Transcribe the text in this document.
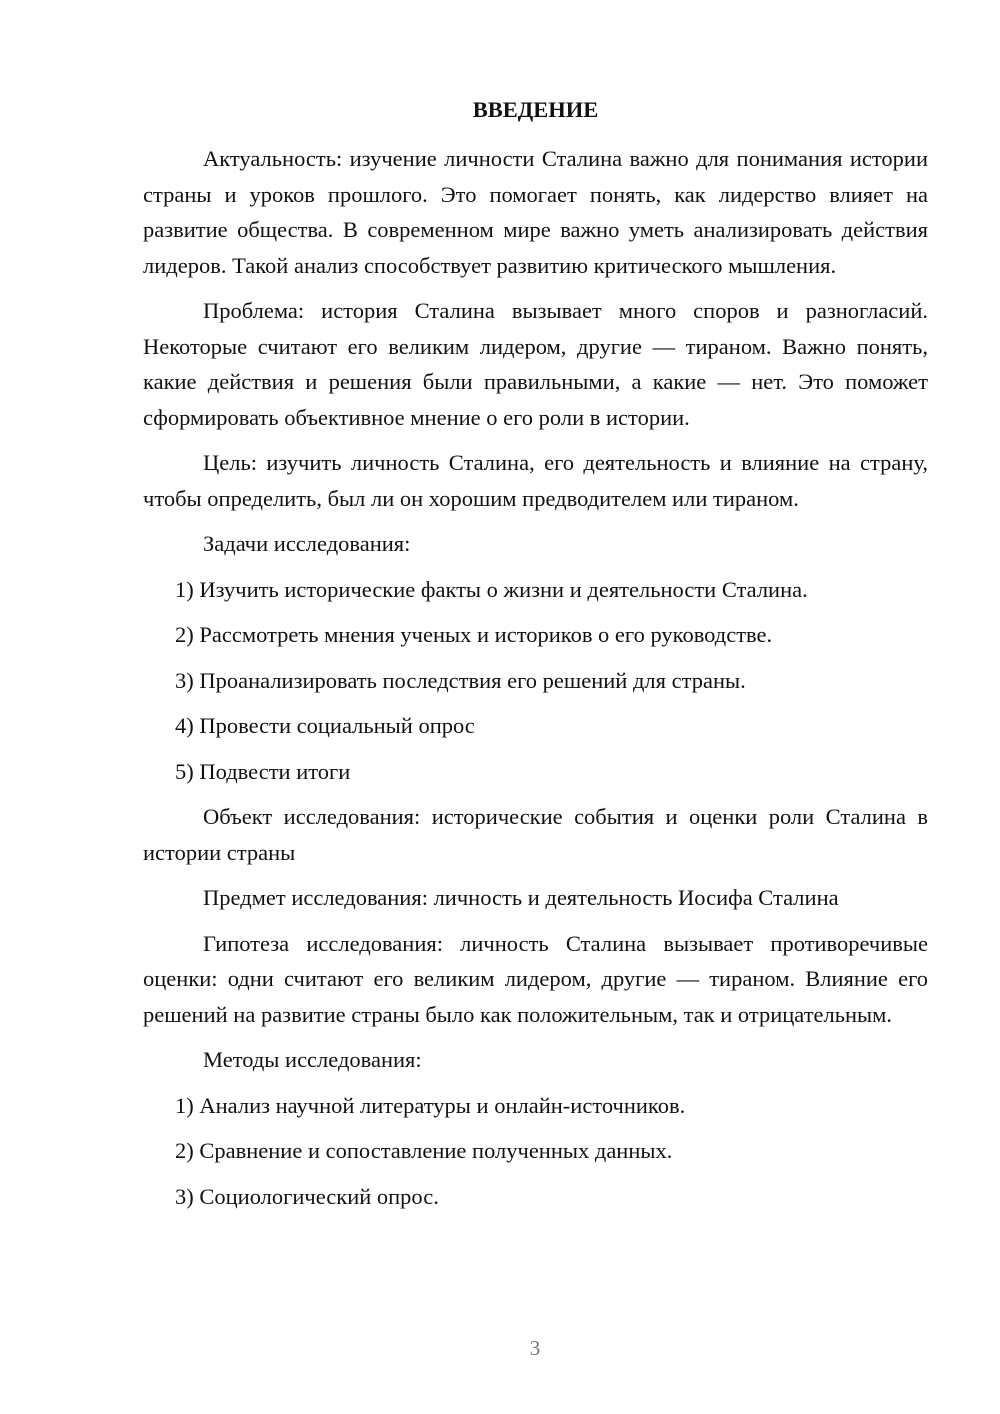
ВВЕДЕНИЕ

Актуальность: изучение личности Сталина важно для понимания истории страны и уроков прошлого. Это помогает понять, как лидерство влияет на развитие общества. В современном мире важно уметь анализировать действия лидеров. Такой анализ способствует развитию критического мышления.

Проблема: история Сталина вызывает много споров и разногласий. Некоторые считают его великим лидером, другие — тираном. Важно понять, какие действия и решения были правильными, а какие — нет. Это поможет сформировать объективное мнение о его роли в истории.

Цель: изучить личность Сталина, его деятельность и влияние на страну, чтобы определить, был ли он хорошим предводителем или тираном.

Задачи исследования:

1) Изучить исторические факты о жизни и деятельности Сталина.

2) Рассмотреть мнения ученых и историков о его руководстве.

3) Проанализировать последствия его решений для страны.

4) Провести социальный опрос

5) Подвести итоги

Объект исследования: исторические события и оценки роли Сталина в истории страны

Предмет исследования: личность и деятельность Иосифа Сталина

Гипотеза исследования: личность Сталина вызывает противоречивые оценки: одни считают его великим лидером, другие — тираном. Влияние его решений на развитие страны было как положительным, так и отрицательным.

Методы исследования:

1) Анализ научной литературы и онлайн-источников.

2) Сравнение и сопоставление полученных данных.

3) Социологический опрос.

3
